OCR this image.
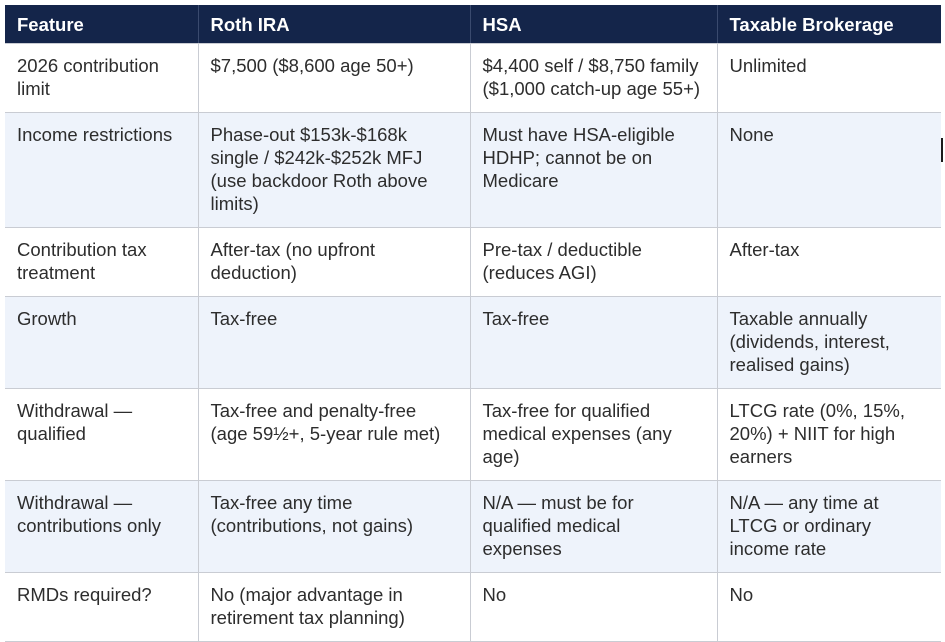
Feature	Roth IRA	HSA	Taxable Brokerage
2026 contribution limit	$7,500 ($8,600 age 50+)	$4,400 self / $8,750 family ($1,000 catch-up age 55+)	Unlimited
Income restrictions	Phase-out $153k-$168k single / $242k-$252k MFJ (use backdoor Roth above limits)	Must have HSA-eligible HDHP; cannot be on Medicare	None
Contribution tax treatment	After-tax (no upfront deduction)	Pre-tax / deductible (reduces AGI)	After-tax
Growth	Tax-free	Tax-free	Taxable annually (dividends, interest, realised gains)
Withdrawal — qualified	Tax-free and penalty-free (age 59½+, 5-year rule met)	Tax-free for qualified medical expenses (any age)	LTCG rate (0%, 15%, 20%) + NIIT for high earners
Withdrawal — contributions only	Tax-free any time (contributions, not gains)	N/A — must be for qualified medical expenses	N/A — any time at LTCG or ordinary income rate
RMDs required?	No (major advantage in retirement tax planning)	No	No
